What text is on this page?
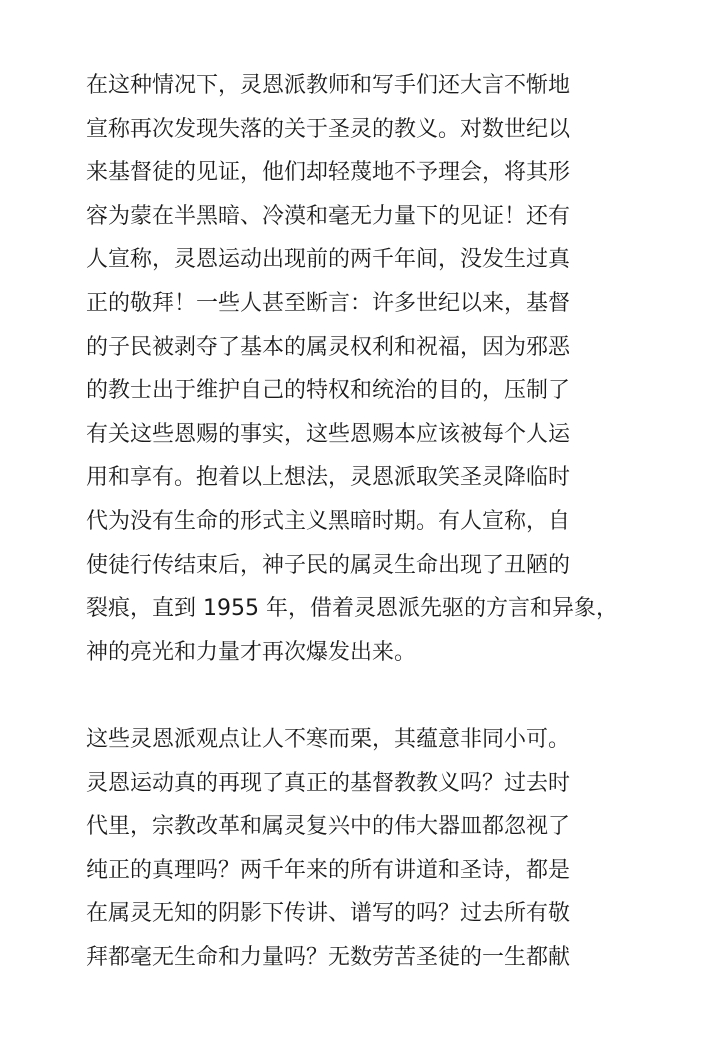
在这种情况下，灵恩派教师和写手们还大言不惭地
宣称再次发现失落的关于圣灵的教义。对数世纪以
来基督徒的见证，他们却轻蔑地不予理会，将其形
容为蒙在半黑暗、冷漠和毫无力量下的见证！还有
人宣称，灵恩运动出现前的两千年间，没发生过真
正的敬拜！一些人甚至断言：许多世纪以来，基督
的子民被剥夺了基本的属灵权利和祝福，因为邪恶
的教士出于维护自己的特权和统治的目的，压制了
有关这些恩赐的事实，这些恩赐本应该被每个人运
用和享有。抱着以上想法，灵恩派取笑圣灵降临时
代为没有生命的形式主义黑暗时期。有人宣称，自
使徒行传结束后，神子民的属灵生命出现了丑陋的
裂痕，直到 1955 年，借着灵恩派先驱的方言和异象，
神的亮光和力量才再次爆发出来。
这些灵恩派观点让人不寒而栗，其蕴意非同小可。
灵恩运动真的再现了真正的基督教教义吗？过去时
代里，宗教改革和属灵复兴中的伟大器皿都忽视了
纯正的真理吗？两千年来的所有讲道和圣诗，都是
在属灵无知的阴影下传讲、谱写的吗？过去所有敬
拜都毫无生命和力量吗？无数劳苦圣徒的一生都献
